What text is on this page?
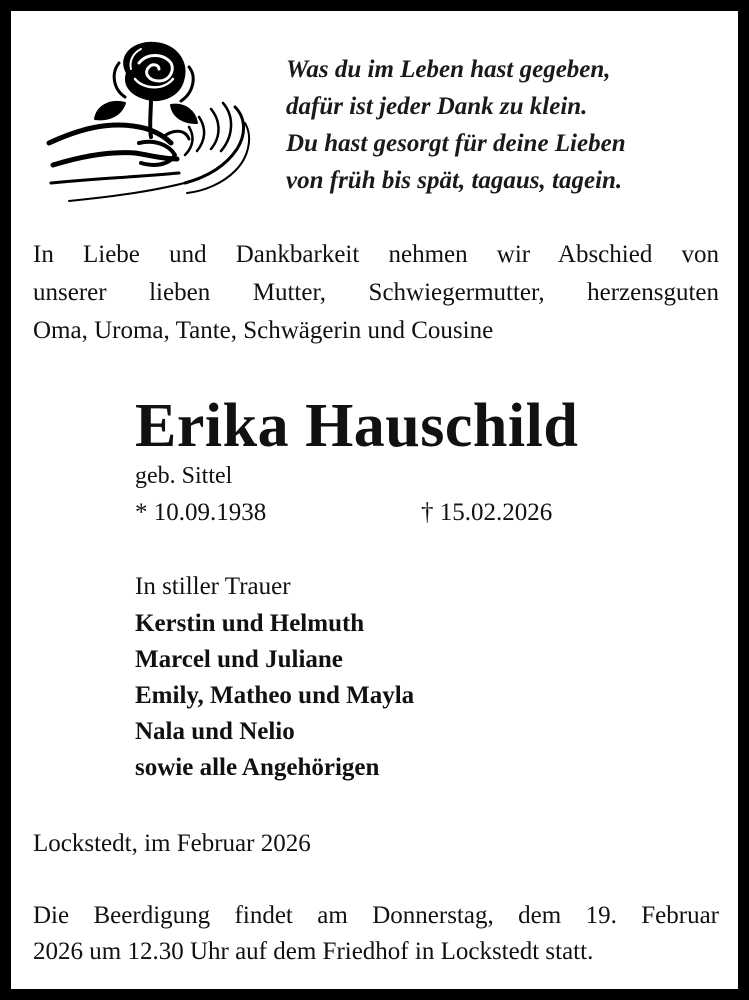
Was du im Leben hast gegeben,
dafür ist jeder Dank zu klein.
Du hast gesorgt für deine Lieben
von früh bis spät, tagaus, tagein.
In Liebe und Dankbarkeit nehmen wir Abschied von
unserer lieben Mutter, Schwiegermutter, herzensguten
Oma, Uroma, Tante, Schwägerin und Cousine
Erika Hauschild
geb. Sittel
* 10.09.1938	† 15.02.2026
In stiller Trauer
Kerstin und Helmuth
Marcel und Juliane
Emily, Matheo und Mayla
Nala und Nelio
sowie alle Angehörigen
Lockstedt, im Februar 2026
Die Beerdigung findet am Donnerstag, dem 19. Februar
2026 um 12.30 Uhr auf dem Friedhof in Lockstedt statt.
